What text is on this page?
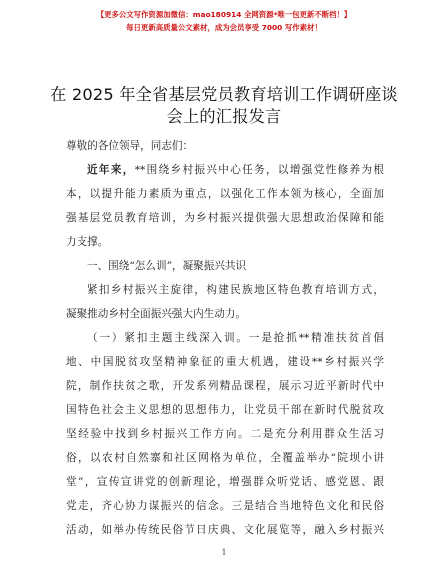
【更多公文写作资源加微信：mao180914 全网资源*唯一包更新不断档！】
每日更新高质量公文素材，成为会员享受 7000 写作素材！
在 2025 年全省基层党员教育培训工作调研座谈
会上的汇报发言
尊敬的各位领导，同志们：
近年来，**围绕乡村振兴中心任务，以增强党性修养为根
本，以提升能力素质为重点，以强化工作本领为核心，全面加
强基层党员教育培训，为乡村振兴提供强大思想政治保障和能
力支撑。
一、围绕“怎么训”，凝聚振兴共识
紧扣乡村振兴主旋律，构建民族地区特色教育培训方式，
凝聚推动乡村全面振兴强大内生动力。
（一）紧扣主题主线深入训。一是抢抓**精准扶贫首倡
地、中国脱贫攻坚精神象征的重大机遇，建设**乡村振兴学
院，制作扶贫之歌，开发系列精品课程，展示习近平新时代中
国特色社会主义思想的思想伟力，让党员干部在新时代脱贫攻
坚经验中找到乡村振兴工作方向。二是充分利用群众生活习
俗，以农村自然寨和社区网格为单位，全覆盖举办“院坝小讲
堂”，宣传宣讲党的创新理论，增强群众听党话、感党恩、跟
党走，齐心协力谋振兴的信念。三是结合当地特色文化和民俗
活动，如举办传统民俗节日庆典、文化展览等，融入乡村振兴
1
